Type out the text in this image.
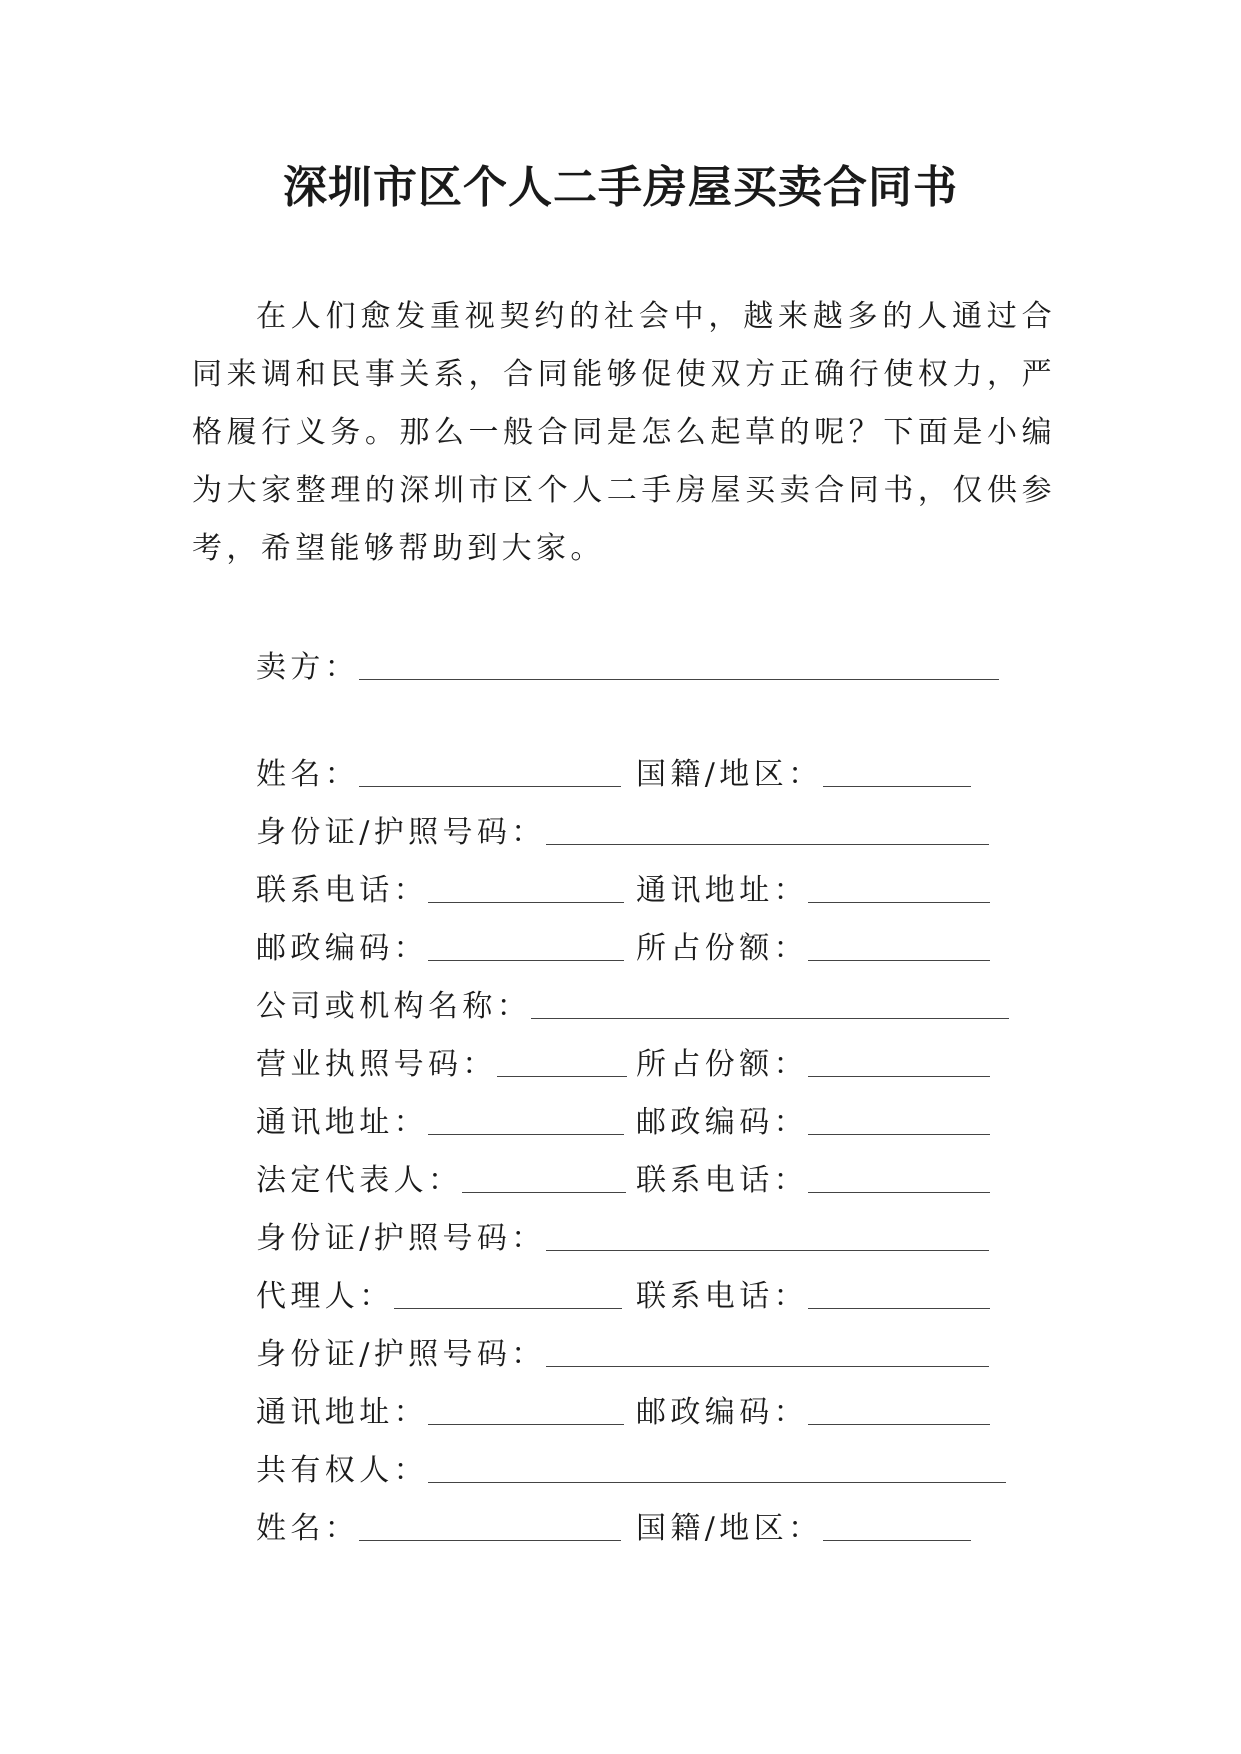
深圳市区个人二手房屋买卖合同书

在人们愈发重视契约的社会中，越来越多的人通过合同来调和民事关系，合同能够促使双方正确行使权力，严格履行义务。那么一般合同是怎么起草的呢？下面是小编为大家整理的深圳市区个人二手房屋买卖合同书，仅供参考，希望能够帮助到大家。

卖方：
姓名：	国籍/地区：
身份证/护照号码：
联系电话：	通讯地址：
邮政编码：	所占份额：
公司或机构名称：
营业执照号码：	所占份额：
通讯地址：	邮政编码：
法定代表人：	联系电话：
身份证/护照号码：
代理人：	联系电话：
身份证/护照号码：
通讯地址：	邮政编码：
共有权人：
姓名：	国籍/地区：
